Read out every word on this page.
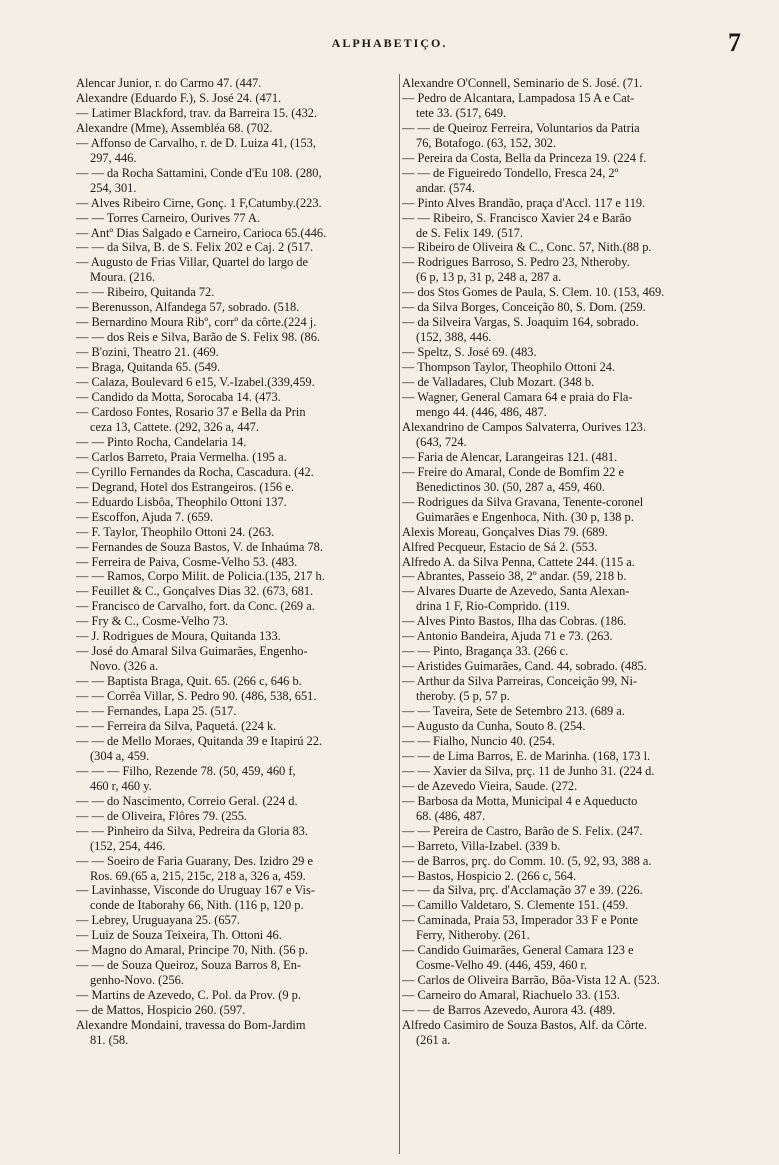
ALPHABETIÇO.	7
Alencar Junior, r. do Carmo 47. (447.
Alexandre (Eduardo F.), S. José 24. (471.
— Latimer Blackford, trav. da Barreira 15. (432.
Alexandre (Mme), Assembléa 68. (702.
— Affonso de Carvalho, r. de D. Luiza 41, (153,
297, 446.
— — da Rocha Sattamini, Conde d'Eu 108. (280,
254, 301.
— Alves Ribeiro Cirne, Gonç. 1 F,Catumby.(223.
— — Torres Carneiro, Ourives 77 A.
— Antº Dias Salgado e Carneiro, Carioca 65.(446.
— — da Silva, B. de S. Felix 202 e Caj. 2 (517.
— Augusto de Frias Villar, Quartel do largo de
Moura. (216.
— — Ribeiro, Quitanda 72.
— Berenusson, Alfandega 57, sobrado. (518.
— Bernardino Moura Ribº, corrº da côrte.(224 j.
— — dos Reis e Silva, Barão de S. Felix 98. (86.
— B'ozini, Theatro 21. (469.
— Braga, Quitanda 65. (549.
— Calaza, Boulevard 6 e15, V.-Izabel.(339,459.
— Candido da Motta, Sorocaba 14. (473.
— Cardoso Fontes, Rosario 37 e Bella da Prin
ceza 13, Cattete. (292, 326 a, 447.
— — Pinto Rocha, Candelaria 14.
— Carlos Barreto, Praia Vermelha. (195 a.
— Cyrillo Fernandes da Rocha, Cascadura. (42.
— Degrand, Hotel dos Estrangeiros. (156 e.
— Eduardo Lisbôa, Theophilo Ottoni 137.
— Escoffon, Ajuda 7. (659.
— F. Taylor, Theophilo Ottoni 24. (263.
— Fernandes de Souza Bastos, V. de Inhaúma 78.
— Ferreira de Paiva, Cosme-Velho 53. (483.
— — Ramos, Corpo Milit. de Policia.(135, 217 h.
— Feuillet & C., Gonçalves Dias 32. (673, 681.
— Francisco de Carvalho, fort. da Conc. (269 a.
— Fry & C., Cosme-Velho 73.
— J. Rodrigues de Moura, Quitanda 133.
— José do Amaral Silva Guimarães, Engenho-
Novo. (326 a.
— — Baptista Braga, Quit. 65. (266 c, 646 b.
— — Corrêa Villar, S. Pedro 90. (486, 538, 651.
— — Fernandes, Lapa 25. (517.
— — Ferreira da Silva, Paquetá. (224 k.
— — de Mello Moraes, Quitanda 39 e Itapirú 22.
(304 a, 459.
— — — Filho, Rezende 78. (50, 459, 460 f,
460 r, 460 y.
— — do Nascimento, Correio Geral. (224 d.
— — de Oliveira, Flôres 79. (255.
— — Pinheiro da Silva, Pedreira da Gloria 83.
(152, 254, 446.
— — Soeiro de Faria Guarany, Des. Izidro 29 e
Ros. 69.(65 a, 215, 215c, 218 a, 326 a, 459.
— Lavinhasse, Visconde do Uruguay 167 e Vis-
conde de Itaborahy 66, Nith. (116 p, 120 p.
— Lebrey, Uruguayana 25. (657.
— Luiz de Souza Teixeira, Th. Ottoni 46.
— Magno do Amaral, Principe 70, Nith. (56 p.
— — de Souza Queiroz, Souza Barros 8, En-
genho-Novo. (256.
— Martins de Azevedo, C. Pol. da Prov. (9 p.
— de Mattos, Hospicio 260. (597.
Alexandre Mondaini, travessa do Bom-Jardim
81. (58.
Alexandre O'Connell, Seminario de S. José. (71.
— Pedro de Alcantara, Lampadosa 15 A e Cat-
tete 33. (517, 649.
— — de Queiroz Ferreira, Voluntarios da Patria
76, Botafogo. (63, 152, 302.
— Pereira da Costa, Bella da Princeza 19. (224 f.
— — de Figueiredo Tondello, Fresca 24, 2º
andar. (574.
— Pinto Alves Brandão, praça d'Accl. 117 e 119.
— — Ribeiro, S. Francisco Xavier 24 e Barão
de S. Felix 149. (517.
— Ribeiro de Oliveira & C., Conc. 57, Nith.(88 p.
— Rodrigues Barroso, S. Pedro 23, Ntheroby.
(6 p, 13 p, 31 p, 248 a, 287 a.
— dos Stos Gomes de Paula, S. Clem. 10. (153, 469.
— da Silva Borges, Conceição 80, S. Dom. (259.
— da Silveira Vargas, S. Joaquim 164, sobrado.
(152, 388, 446.
— Speltz, S. José 69. (483.
— Thompson Taylor, Theophilo Ottoni 24.
— de Valladares, Club Mozart. (348 b.
— Wagner, General Camara 64 e praia do Fla-
mengo 44. (446, 486, 487.
Alexandrino de Campos Salvaterra, Ourives 123.
(643, 724.
— Faria de Alencar, Larangeiras 121. (481.
— Freire do Amaral, Conde de Bomfim 22 e
Benedictinos 30. (50, 287 a, 459, 460.
— Rodrigues da Silva Gravana, Tenente-coronel
Guimarães e Engenhoca, Nith. (30 p, 138 p.
Alexis Moreau, Gonçalves Dias 79. (689.
Alfred Pecqueur, Estacio de Sá 2. (553.
Alfredo A. da Silva Penna, Cattete 244. (115 a.
— Abrantes, Passeio 38, 2º andar. (59, 218 b.
— Alvares Duarte de Azevedo, Santa Alexan-
drina 1 F, Rio-Comprido. (119.
— Alves Pinto Bastos, Ilha das Cobras. (186.
— Antonio Bandeira, Ajuda 71 e 73. (263.
— — Pinto, Bragança 33. (266 c.
— Aristides Guimarães, Cand. 44, sobrado. (485.
— Arthur da Silva Parreiras, Conceição 99, Ni-
theroby. (5 p, 57 p.
— — Taveira, Sete de Setembro 213. (689 a.
— Augusto da Cunha, Souto 8. (254.
— — Fialho, Nuncio 40. (254.
— — de Lima Barros, E. de Marinha. (168, 173 l.
— — Xavier da Silva, prç. 11 de Junho 31. (224 d.
— de Azevedo Vieira, Saude. (272.
— Barbosa da Motta, Municipal 4 e Aqueducto
68. (486, 487.
— — Pereira de Castro, Barão de S. Felix. (247.
— Barreto, Villa-Izabel. (339 b.
— de Barros, prç. do Comm. 10. (5, 92, 93, 388 a.
— Bastos, Hospicio 2. (266 c, 564.
— — da Silva, prç. d'Acclamação 37 e 39. (226.
— Camillo Valdetaro, S. Clemente 151. (459.
— Caminada, Praia 53, Imperador 33 F e Ponte
Ferry, Nitheroby. (261.
— Candido Guimarães, General Camara 123 e
Cosme-Velho 49. (446, 459, 460 r.
— Carlos de Oliveira Barrão, Bôa-Vista 12 A. (523.
— Carneiro do Amaral, Riachuelo 33. (153.
— — de Barros Azevedo, Aurora 43. (489.
Alfredo Casimiro de Souza Bastos, Alf. da Côrte.
(261 a.
